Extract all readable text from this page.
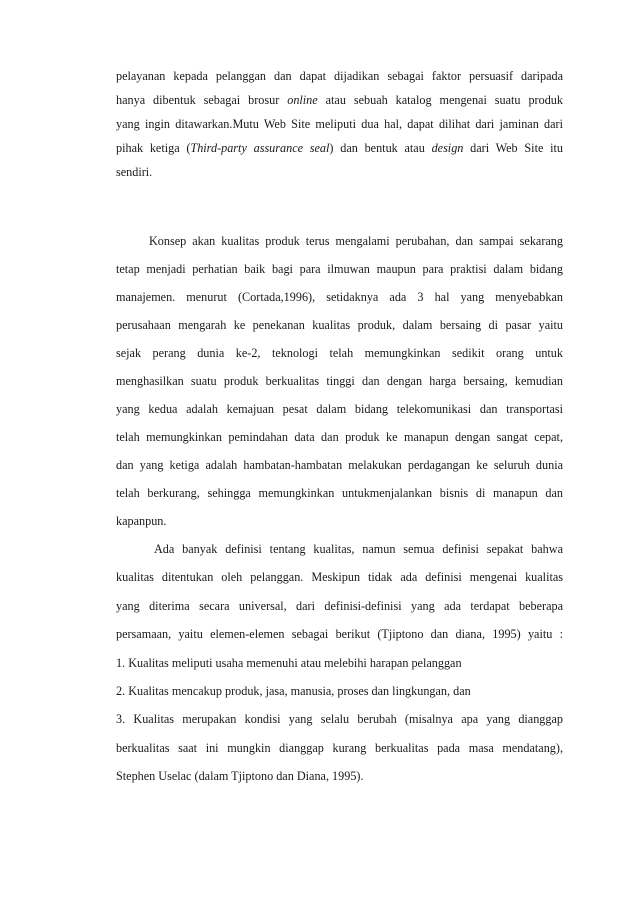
pelayanan kepada pelanggan dan dapat dijadikan sebagai faktor persuasif daripada
hanya dibentuk sebagai brosur online atau sebuah katalog mengenai suatu produk
yang ingin ditawarkan.Mutu Web Site meliputi dua hal, dapat dilihat dari jaminan dari
pihak ketiga (Third-party assurance seal) dan bentuk atau design dari Web Site itu
sendiri.
Konsep akan kualitas produk terus mengalami perubahan, dan sampai sekarang
tetap menjadi perhatian baik bagi para ilmuwan maupun para praktisi dalam bidang
manajemen. menurut (Cortada,1996), setidaknya ada 3 hal yang menyebabkan
perusahaan mengarah ke penekanan kualitas produk, dalam bersaing di pasar yaitu
sejak perang dunia ke-2, teknologi telah memungkinkan sedikit orang untuk
menghasilkan suatu produk berkualitas tinggi dan dengan harga bersaing, kemudian
yang kedua adalah kemajuan pesat dalam bidang telekomunikasi dan transportasi
telah memungkinkan pemindahan data dan produk ke manapun dengan sangat cepat,
dan yang ketiga adalah hambatan-hambatan melakukan perdagangan ke seluruh dunia
telah berkurang, sehingga memungkinkan untukmenjalankan bisnis di manapun dan
kapanpun.
Ada banyak definisi tentang kualitas, namun semua definisi sepakat bahwa
kualitas ditentukan oleh pelanggan. Meskipun tidak ada definisi mengenai kualitas
yang diterima secara universal, dari definisi-definisi yang ada terdapat beberapa
persamaan, yaitu elemen-elemen sebagai berikut (Tjiptono dan diana, 1995) yaitu :
1. Kualitas meliputi usaha memenuhi atau melebihi harapan pelanggan
2. Kualitas mencakup produk, jasa, manusia, proses dan lingkungan, dan
3. Kualitas merupakan kondisi yang selalu berubah (misalnya apa yang dianggap
berkualitas saat ini mungkin dianggap kurang berkualitas pada masa mendatang),
Stephen Uselac (dalam Tjiptono dan Diana, 1995).
